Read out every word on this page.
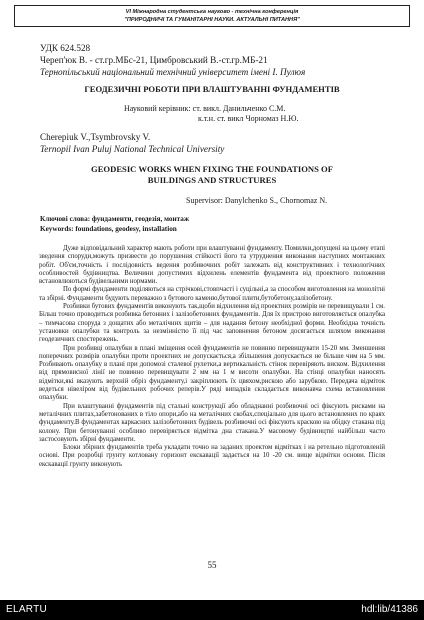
VI Міжнародна студентська науково - технічна конференція
"ПРИРОДНИЧІ ТА ГУМАНІТАРНІ НАУКИ. АКТУАЛЬНІ ПИТАННЯ"
УДК 624.528
Череп'юк В. - ст.гр.МБс-21, Цимбровський В.-ст.гр.МБ-21
Тернопільський національний технічний університет імені І. Пулюя
ГЕОДЕЗИЧНІ РОБОТИ ПРИ ВЛАШТУВАННІ ФУНДАМЕНТІВ
Науковий керівник: ст. викл. Данильченко С.М.
к.т.н. ст. викл Чорномаз Н.Ю.
Cherepiuk V.,Tsymbrovsky V.
Ternopil Ivan Puluj National Technical University
GEODESIC WORKS WHEN FIXING THE FOUNDATIONS OF
BUILDINGS AND STRUCTURES
Supervisor: Danylchenko S., Chornomaz N.
Ключові слова: фундаменти, геодезія, монтаж
Keywords: foundations, geodesy, installation

Дуже відповідальний характер мають роботи при влаштуванні фундаменту. Помилки,допущені на цьому етапі зведення споруди,можуть призвести до порушення стійкості його та утруднення виконання наступних монтажних робіт. Об'єм,точність і послідовність ведення розбивочних робіт залежать від конструктивних і технологічних особливостей будівництва. Величини допустимих відхилень елементів фундамента від проектного положення встановлюються будівельними нормами.

По формі фундаменти поділяються на стрічкові,стовпчасті і суцільні,а за способом виготовлення на монолітні та збірні. Фундаменти будують переважно з бутового каменю,бутової плити,бутобетону,залізобетону.

Розбивки бутових фундаментів виконують так,щоби відхилення від проектних розмірів не перевищували 1 см. Більш точно проводиться розбивка бетонних і залізобетонних фундаментів. Для їх пристрою виготовляється опалубка – тимчасова споруда з дощатих або металічних щитів – для надання бетону необхідної форми. Необхідна точність установки опалубки та контроль за незмінністю її під час заповнення бетоном досягається шляхом виконання геодезичних спостережень.

При розбивці опалубки в плані зміщення осей фундаментів не повинно перевищувати 15-20 мм. Зменшення поперечних розмірів опалубки проти проектних не допускається,а збільшення допускається не більше чим на 5 мм. Розбивають опалубку в плані при допомозі сталевої рулетки,а вертикальність стінок перевіряють виском. Відхилення від прямовисної лінії не повинно перевищувати 2 мм на 1 м висоти опалубки. На стінці опалубки наносять відмітки,які вказують верхній обріз фундаменту,і закріплюють їх цвяхом,рискою або зарубкою. Передача відміток ведеться нівеліром від будівельних робочих реперів.У рядi випадків складається виконавча схема встановлення опалубки.

При влаштуванні фундаментів під стальні конструкції або обладнанні розбивочні осі фіксують рисками на металічних плитах,забетонованих в тіло опори,або на металічних скобах,спеціально для цього встановлених по краях фундаменту.В фундаментах каркасних залізобетонних будівель розбивочні осі фіксують краскою на обідку стакана під колону. При бетонуванні особливо перевіряється відмітка дна стакана.У масовому будівництві найбільш часто застосовують збірні фундаменти.

Блоки збірних фундаментів треба укладати точно на заданих проектом відмітках і на ретельно підготовленій основі. При розробці грунту котловану горизонт екскавації задається на 10 -20 см. вище відмітки основи. Після екскавації грунту виконують

55
ELARTU	hdl:lib/41386
